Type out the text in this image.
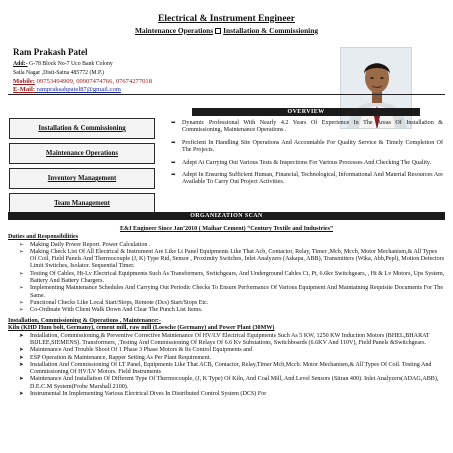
Electrical & Instrument Engineer
Maintenance Operations Installation & Commissioning
Ram Prakash Patel
Add:- G-78 Block No-7 Uco Bank Colony
Satla Nagar ,Distt-Satna 485772 (M.P.)
Mobile: 09753494909, 09907474766, 07674277018
E-Mail: rampraksahpatel87@gmail.com
OVERVIEW
Installation & Commissioning
Maintenance Operations
Inventory Management
Team Management
➥ Dynamic Professional With Nearly 4.2 Years Of Experience In The Areas Of Installation & Commissioning, Maintenance Operations .
➥ Proficient In Handling Site Operations And Accountable For Quality Service & Timely Completion Of The Projects.
➥ Adept At Carrying Out Various Tests & Inspections For Various Processes And Checking The Quality.
➥ Adept In Ensuring Sufficient Human, Financial, Technological, Informational And Material Resources Are Available To Carry Out Project Activities.
ORGANIZATION SCAN
E&I Engineer Since Jan’2010 ( Maihar Cement) “Century Textile and Industries”
Duties and Responsibilities
➢ Making Daily Power Report. Power Calculation .
➢ Making Check List Of All Electrical & Instrument Are Like Lt Panel Equipments Like That Acb, Contactor, Relay, Timer ,Mcb, Mccb, Motor Mechanism,& All Types Of Coil, Field Panels And Thermocouple (J, K) Type Rtd, Sensor , Proximity Switches, Inlet Analyzers (Askapa, ABB), Transmitters (Wika, Abb,Pepl), Motion Detectors Limit Switches, Isolator. Sequential Timer.
➢ Testing Of Cables, Ht-Lv Electrical Equipments Such As Transformers, Switchgears, And Underground Cables Ct, Pt, 6.6kv Switchgears, , Ht & Lv Motors, Ups System, Battery And Battery Chargers.
➢ Implementing Maintenance Schedules And Carrying Out Periodic Checks To Ensure Performance Of Various Equipment And Maintaining Requisite Documents For The Same.
➢ Functional Checks Like Local Start/Stops, Remote (Dcs) Start/Stops Etc.
➢ Co-Ordinate With Client Walk Down And Clear The Punch List Items.
Installation, Commissioning & Operations , Maintenance:-
Kiln (KHD Hum bolt, Germany), cement mill, raw mill (Loesche (Germany) and Power Plant (30MW)
➤ Installation, Commissioning,& Preventive Corrective Maintenance Of HV/LV Electrical Equipments Such As 5 KW, 1250 KW Induction Motors (BHEL,BHARAT BIJLEE,SIEMENS). Transformers, ,Testing And Commissioning Of Relays Of 6.6 Kv Substations, Switchboards (6.6KV And 110V), Field Panels &Switchgears.
➤ Maintenance And Trouble Shoot Of 1 Phase 3 Phase Motors & Its Control Equipments and
➤ ESP Operation & Maintenance, Rapper Setting As Per Plant Requirement.
➤ Installation And Commissioning Of LT Panel, Equipments Like That ACB, Contactor, Relay,Timer Mcb,Mccb. Motor Mechanism,& All Types Of Coil. Testing And Commissioning Of HV/LV Motors. Field Instruments
➤ Maintenance And Installation Of Different Type Of Thermocouple, (J, K Type) Of Kiln, And Coal Mill, And Level Sensors (Sitran 400). Inlet Analyzers(ADAG,ABB), D.E.C.M System(Frobe Marshall 2100).
➤ Instrumental In Implementing Various Electrical Dives In Distributed Control System (DCS) For
